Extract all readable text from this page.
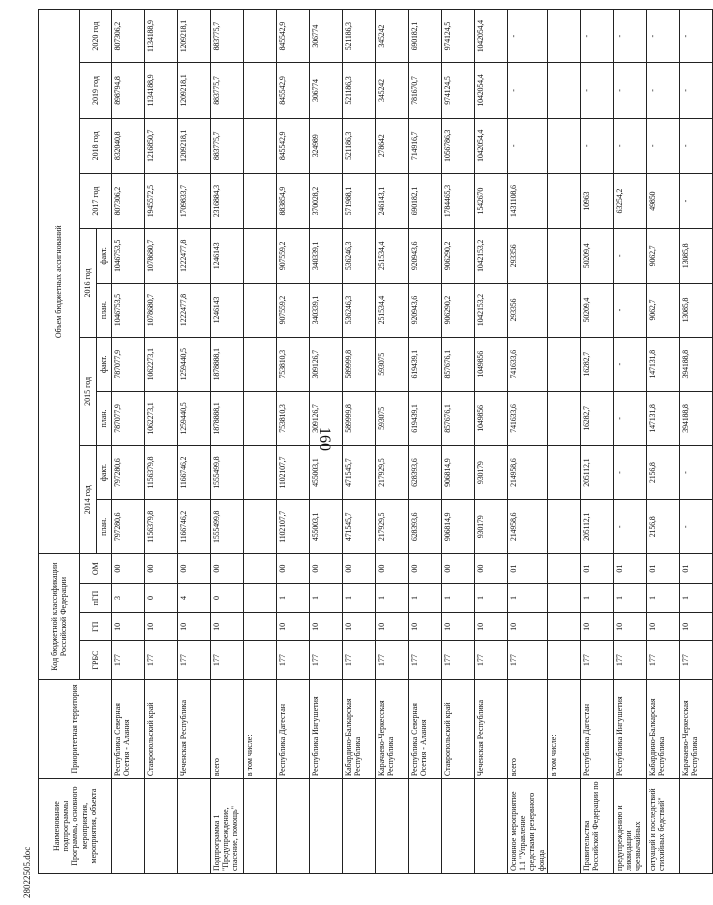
160
28022505.doc
Наименование подпрограммы Программы, основного мероприятия, мероприятия, объекта	Приоритетная территория	Код бюджетной классификации Российской Федерации				Объем бюджетных ассигнований									
		ГРБС	ГП	пГП	ОМ	2014 год		2015 год		2016 год		2017 год	2018 год	2019 год	2020 год
						план.	факт.	план.	факт.	план.	факт.				

	Республика Северная Осетия - Алания	177	10	3	00	797280,6	797280,6	787077,9	787077,9	1046753,5	1046753,5	807306,2	832040,8	898794,8	807306,2
	Ставропольский край	177	10	0	00	1156379,8	1156379,8	1062273,1	1062273,1	1078680,7	1078680,7	1945572,5	1216850,7	1134188,9	1134188,9
	Чеченская Республика	177	10	4	00	1166746,2	1166746,2	1259440,5	1259440,5	1222477,8	1222477,8	1709833,7	1209218,1	1209218,1	1209218,1
Подпрограмма 1 "Предупреждение, спасение, помощь"	всего	177	10	0	00	1555499,8	1555499,8	1878888,1	1878888,1	1246143	1246143	2316884,3	883775,7	883775,7	883775,7
	в том числе:														
	Республика Дагестан	177	10	1	00	1102107,7	1102107,7	753810,3	753810,3	907559,2	907559,2	883854,9	845542,9	845542,9	845542,9
	Республика Ингушетия	177	10	1	00	455003,1	455003,1	309126,7	309126,7	340339,1	340339,1	370028,2	324989	306774	306774
	Кабардино-Балкарская Республика	177	10	1	00	471545,7	471545,7	589999,8	589999,8	536246,3	536246,3	571988,1	521186,3	521186,3	521186,3
	Карачаево-Черкесская Республика	177	10	1	00	217929,5	217929,5	593075	593075	251534,4	251534,4	246143,1	278642	345242	345242
	Республика Северная Осетия - Алания	177	10	1	00	628393,6	628393,6	619439,1	619439,1	920943,6	920943,6	690182,1	714916,7	781670,7	690182,1
	Ставропольский край	177	10	1	00	906814,9	906814,9	857676,1	857676,1	906290,2	906290,2	1784465,3	1056786,3	974124,5	974124,5
	Чеченская Республика	177	10	1	00	930179	930179	1049856	1049856	1042153,2	1042153,2	1542670	1042054,4	1042054,4	1042054,4
Основное мероприятие 1.1 "Управление средствами резервного фонда	всего	177	10	1	01	214958,6	214958,6	741633,6	741633,6	293356	293356	1431108,6	-	-	-
	в том числе:														
Правительства Российской Федерации по	Республика Дагестан	177	10	1	01	205112,1	205112,1	16282,7	16282,7	50209,4	50209,4	10963	-	-	-
предупреждению и ликвидации чрезвычайных	Республика Ингушетия	177	10	1	01	-	-	-	-	-	-	63254,2	-	-	-
ситуаций и последствий стихийных бедствий"	Кабардино-Балкарская Республика	177	10	1	01	2156,8	2156,8	147131,8	147131,8	9062,7	9062,7	49850	-	-	-
	Карачаево-Черкесская Республика	177	10	1	01	-	-	394188,8	394188,8	13085,8	13085,8	-	-	-	-
